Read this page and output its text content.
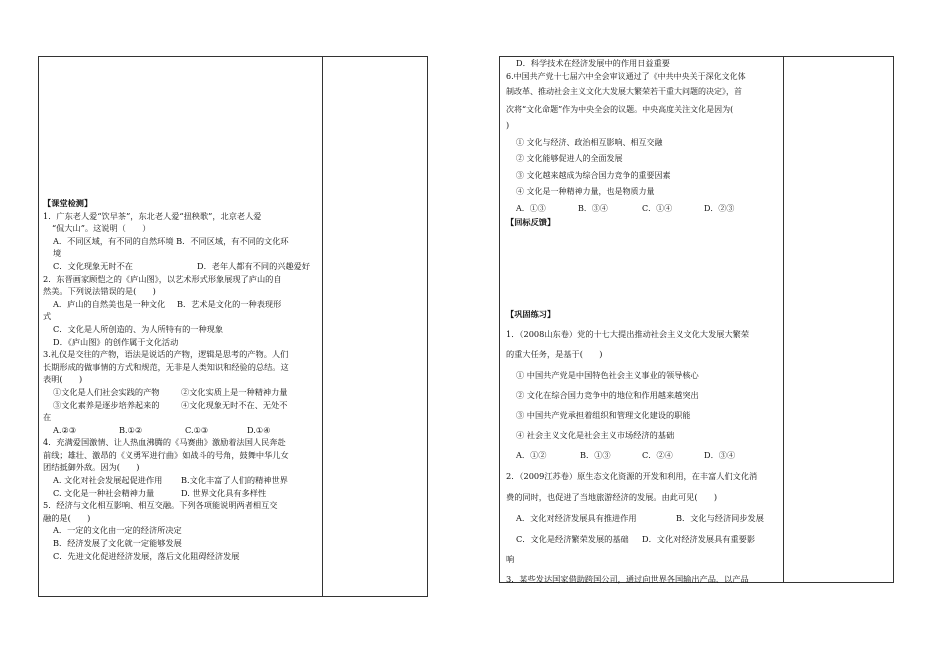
【课堂检测】
1．广东老人爱“饮早茶”，东北老人爱“扭秧歌”，北京老人爱
“侃大山”。这说明（　　）
A．不同区域，有不同的自然环境 B．不同区域，有不同的文化环
境
C．文化现象无时不在	D．老年人都有不同的兴趣爱好
2．东晋画家顾恺之的《庐山图》，以艺术形式形象展现了庐山的自
然美。下列说法错误的是(　　)
A．庐山的自然美也是一种文化	B．艺术是文化的一种表现形
式
C．文化是人所创造的、为人所特有的一种现象
D．《庐山图》的创作属于文化活动
3.礼仪是交往的产物，语法是说话的产物，逻辑是思考的产物。人们
长期形成的做事情的方式和规范，无非是人类知识和经验的总结。这
表明(　　)
①文化是人们社会实践的产物	②文化实质上是一种精神力量
③文化素养是逐步培养起来的	④文化现象无时不在、无处不
在
A.②③	B.①②	C.①③	D.①④
4．充满爱国激情、让人热血沸腾的《马赛曲》激励着法国人民奔赴
前线；雄壮、激昂的《义勇军进行曲》如战斗的号角，鼓舞中华儿女
团结抵御外敌。因为(　　)
A. 文化对社会发展起促进作用	B.文化丰富了人们的精神世界
C. 文化是一种社会精神力量	D. 世界文化具有多样性
5．经济与文化相互影响、相互交融。下列各项能说明两者相互交
融的是(　　)
A．一定的文化由一定的经济所决定
B．经济发展了文化就一定能够发展
C．先进文化促进经济发展，落后文化阻碍经济发展
D．科学技术在经济发展中的作用日益重要
6.中国共产党十七届六中全会审议通过了《中共中央关于深化文化体
制改革、推动社会主义文化大发展大繁荣若干重大问题的决定》，首
次将“文化命题”作为中央全会的议题。中央高度关注文化是因为(
)
① 文化与经济、政治相互影响、相互交融
② 文化能够促进人的全面发展
③ 文化越来越成为综合国力竞争的重要因素
④ 文化是一种精神力量，也是物质力量
A．①③	B．③④	C．①④	D．②③
【回标反馈】
【巩固练习】
1．（2008山东卷）党的十七大提出推动社会主义文化大发展大繁荣
的重大任务，是基于(　　)
① 中国共产党是中国特色社会主义事业的领导核心
② 文化在综合国力竞争中的地位和作用越来越突出
③ 中国共产党承担着组织和管理文化建设的职能
④ 社会主义文化是社会主义市场经济的基础
A．①②	B．①③	C．②④	D．③④
2．（2009江苏卷）原生态文化资源的开发和利用，在丰富人们文化消
费的同时，也促进了当地旅游经济的发展。由此可见(　　)
A．文化对经济发展具有推进作用	B．文化与经济同步发展
C．文化是经济繁荣发展的基础	D．文化对经济发展具有重要影
响
3．某些发达国家借助跨国公司，通过向世界各国输出产品、以产品
